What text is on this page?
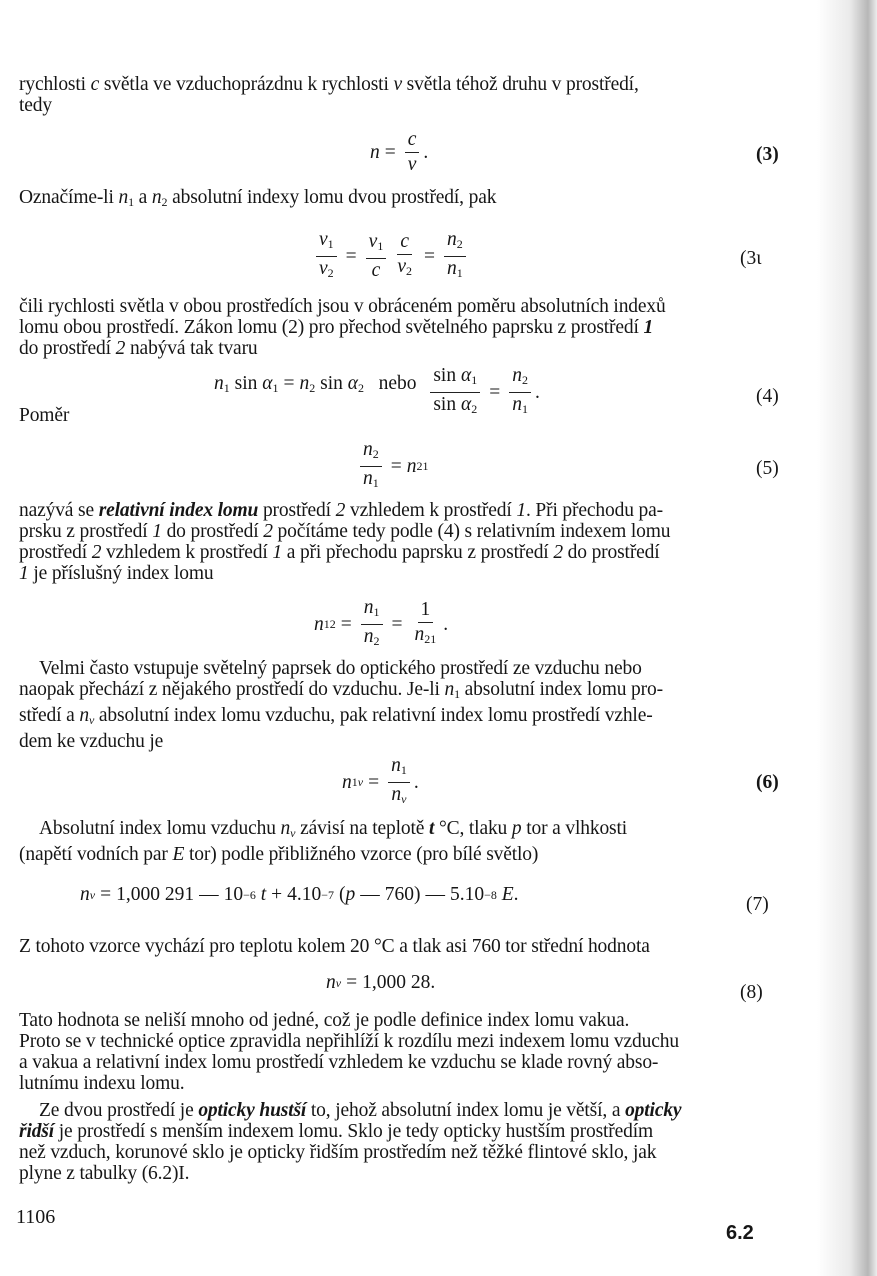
rychlosti c světla ve vzduchoprázdnu k rychlosti v světla téhož druhu v prostředí,
tedy
$n = \frac{c}{v}$ .	(3)
Označíme-li $n_1$ a $n_2$ absolutní indexy lomu dvou prostředí, pak
$\frac{v_1}{v_2} = \frac{v_1}{c} \frac{c}{v_2} = \frac{n_2}{n_1}$	(3ι
čili rychlosti světla v obou prostředích jsou v obráceném poměru absolutních indexů
lomu obou prostředí. Zákon lomu (2) pro přechod světelného paprsku z prostředí 1
do prostředí 2 nabývá tak tvaru
$n_1$ $\sin \alpha_1 = n_2$ $\sin \alpha_2$ nebo $\frac{\sin \alpha_1}{\sin \alpha_2} = \frac{n_2}{n_1}$ .	(4)
Poměr
$\frac{n_2}{n_1} = n$ 21	(5)
nazývá se relativní index lomu prostředí 2 vzhledem k prostředí 1. Při přechodu pa-
prsku z prostředí 1 do prostředí 2 počítáme tedy podle (4) s relativním indexem lomu
prostředí 2 vzhledem k prostředí 1 a při přechodu paprsku z prostředí 2 do prostředí
1 je příslušný index lomu
n $12 = \frac{n_1}{n_2} = \frac{1}{n_{21}}$ .
Velmi často vstupuje světelný paprsek do optického prostředí ze vzduchu nebo
naopak přechází z nějakého prostředí do vzduchu. Je-li $n_1$ absolutní index lomu pro-
středí a $n_v$ absolutní index lomu vzduchu, pak relativní index lomu prostředí vzhle-
dem ke vzduchu je
n $1v = \frac{n_1}{n_v}$ .	(6)
Absolutní index lomu vzduchu $n_v$ závisí na teplotě t °C, tlaku p tor a vlhkosti
(napětí vodních par E tor) podle přibližného vzorce (pro bílé světlo)
n v = 1,000 291 — 10 −6
t + 4.10 −7 ( p — 760 ) — 5.10 −8
E .	(7)
Z tohoto vzorce vychází pro teplotu kolem 20 °C a tlak asi 760 tor střední hodnota
n v = 1,000 28.	(8)
Tato hodnota se neliší mnoho od jedné, což je podle definice index lomu vakua.
Proto se v technické optice zpravidla nepřihlíží k rozdílu mezi indexem lomu vzduchu
a vakua a relativní index lomu prostředí vzhledem ke vzduchu se klade rovný abso-
lutnímu indexu lomu.
Ze dvou prostředí je opticky hustší to, jehož absolutní index lomu je větší, a opticky
řidší je prostředí s menším indexem lomu. Sklo je tedy opticky hustším prostředím
než vzduch, korunové sklo je opticky řidším prostředím než těžké flintové sklo, jak
plyne z tabulky (6.2)I.
1106
6.2
